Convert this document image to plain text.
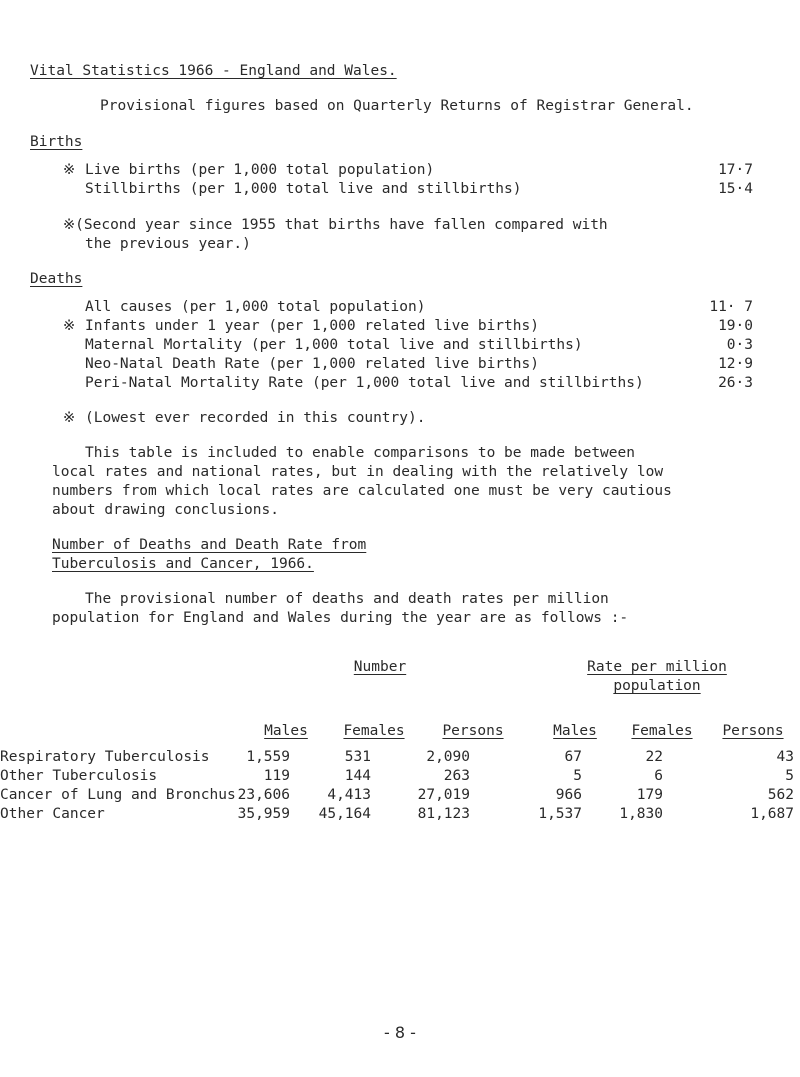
Vital Statistics 1966 - England and Wales.
Provisional figures based on Quarterly Returns of Registrar General.
Births
※ Live births (per 1,000 total population)	17·7
Stillbirths (per 1,000 total live and stillbirths)	15·4
※(Second year since 1955 that births have fallen compared with
the previous year.)
Deaths
All causes (per 1,000 total population)	11· 7
※ Infants under 1 year (per 1,000 related live births)	19·0
Maternal Mortality (per 1,000 total live and stillbirths)	0·3
Neo-Natal Death Rate (per 1,000 related live births)	12·9
Peri-Natal Mortality Rate (per 1,000 total live and stillbirths)	26·3
※ (Lowest ever recorded in this country).
This table is included to enable comparisons to be made between
local rates and national rates, but in dealing with the relatively low
numbers from which local rates are calculated one must be very cautious
about drawing conclusions.
Number of Deaths and Death Rate from
Tuberculosis and Cancer, 1966.
The provisional number of deaths and death rates per million
population for England and Wales during the year are as follows :-
Number	Rate per million
population
Males	Females	Persons	Males	Females	Persons
Respiratory Tuberculosis	1,559	531	2,090	67	22	43
Other Tuberculosis	119	144	263	5	6	5
Cancer of Lung and Bronchus 23,606	4,413	27,019	966	179	562
Other Cancer	35,959 45,164	81,123	1,537	1,830	1,687
- 8 -
